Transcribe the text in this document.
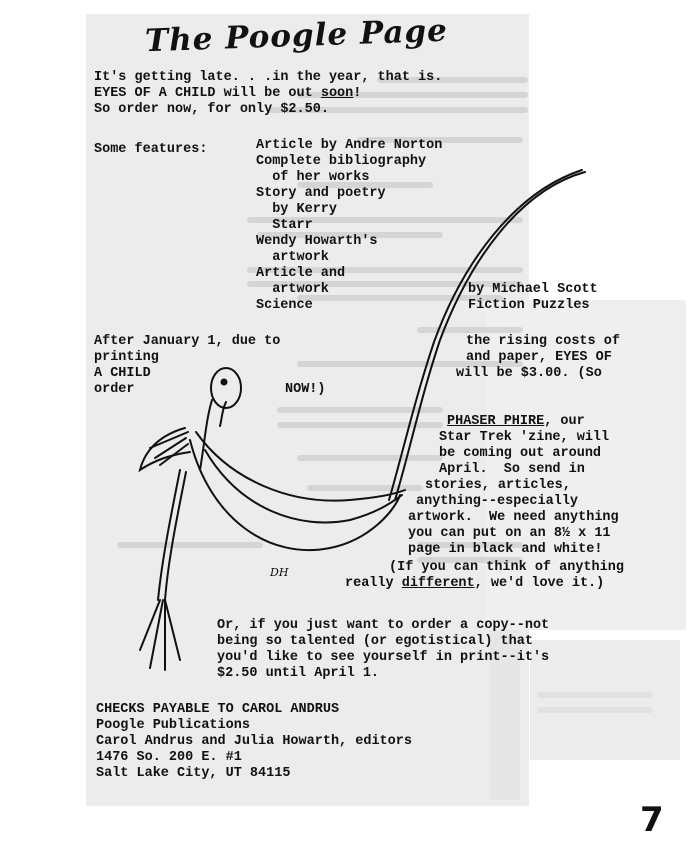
The Poogle Page
It's getting late. . .in the year, that is.
EYES OF A CHILD will be out soon!
So order now, for only $2.50.
Some features:	Article by Andre Norton
Complete bibliography
of her works
Story and poetry
by Kerry
Starr
Wendy Howarth's
artwork
Article and
artwork
Science
by Michael Scott
Fiction Puzzles
After January 1, due to
printing
A CHILD
order	NOW!)
the rising costs of
and paper, EYES OF
will be $3.00. (So
PHASER PHIRE, our
Star Trek 'zine, will
be coming out around
April.  So send in
stories, articles,
anything--especially
artwork.  We need anything
you can put on an 8½ x 11
page in black and white!
(If you can think of anything
really different, we'd love it.)
Or, if you just want to order a copy--not
being so talented (or egotistical) that
you'd like to see yourself in print--it's
$2.50 until April 1.
CHECKS PAYABLE TO CAROL ANDRUS
Poogle Publications
Carol Andrus and Julia Howarth, editors
1476 So. 200 E. #1
Salt Lake City, UT 84115
DH
7
